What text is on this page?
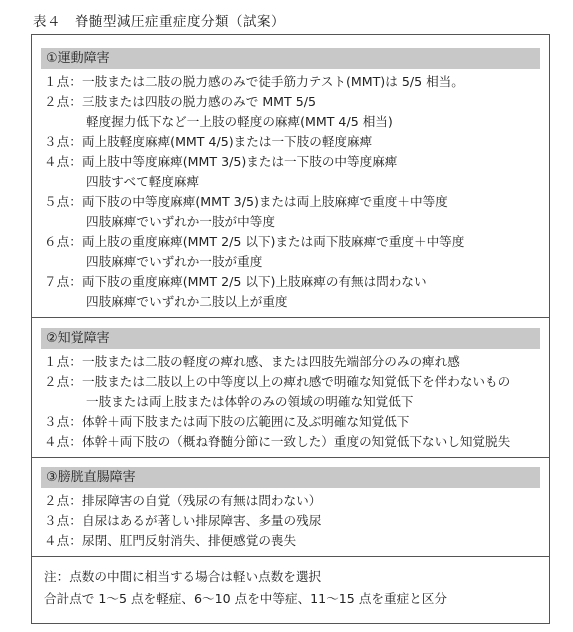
表４　脊髄型減圧症重症度分類（試案）
①運動障害
１点： 一肢または二肢の脱力感のみで徒手筋力テスト(MMT)は 5/5 相当。
２点： 三肢または四肢の脱力感のみで MMT 5/5
軽度握力低下など一上肢の軽度の麻痺(MMT 4/5 相当)
３点： 両上肢軽度麻痺(MMT 4/5)または一下肢の軽度麻痺
４点： 両上肢中等度麻痺(MMT 3/5)または一下肢の中等度麻痺
四肢すべて軽度麻痺
５点： 両下肢の中等度麻痺(MMT 3/5)または両上肢麻痺で重度＋中等度
四肢麻痺でいずれか一肢が中等度
６点： 両上肢の重度麻痺(MMT 2/5 以下)または両下肢麻痺で重度＋中等度
四肢麻痺でいずれか一肢が重度
７点： 両下肢の重度麻痺(MMT 2/5 以下)上肢麻痺の有無は問わない
四肢麻痺でいずれか二肢以上が重度
②知覚障害
１点： 一肢または二肢の軽度の痺れ感、または四肢先端部分のみの痺れ感
２点： 一肢または二肢以上の中等度以上の痺れ感で明確な知覚低下を伴わないもの
一肢または両上肢または体幹のみの領域の明確な知覚低下
３点： 体幹＋両下肢または両下肢の広範囲に及ぶ明確な知覚低下
４点： 体幹＋両下肢の（概ね脊髄分節に一致した）重度の知覚低下ないし知覚脱失
③膀胱直腸障害
２点： 排尿障害の自覚（残尿の有無は問わない）
３点： 自尿はあるが著しい排尿障害、多量の残尿
４点： 尿閉、肛門反射消失、排便感覚の喪失
注：点数の中間に相当する場合は軽い点数を選択
合計点で 1～5 点を軽症、6～10 点を中等症、11～15 点を重症と区分
